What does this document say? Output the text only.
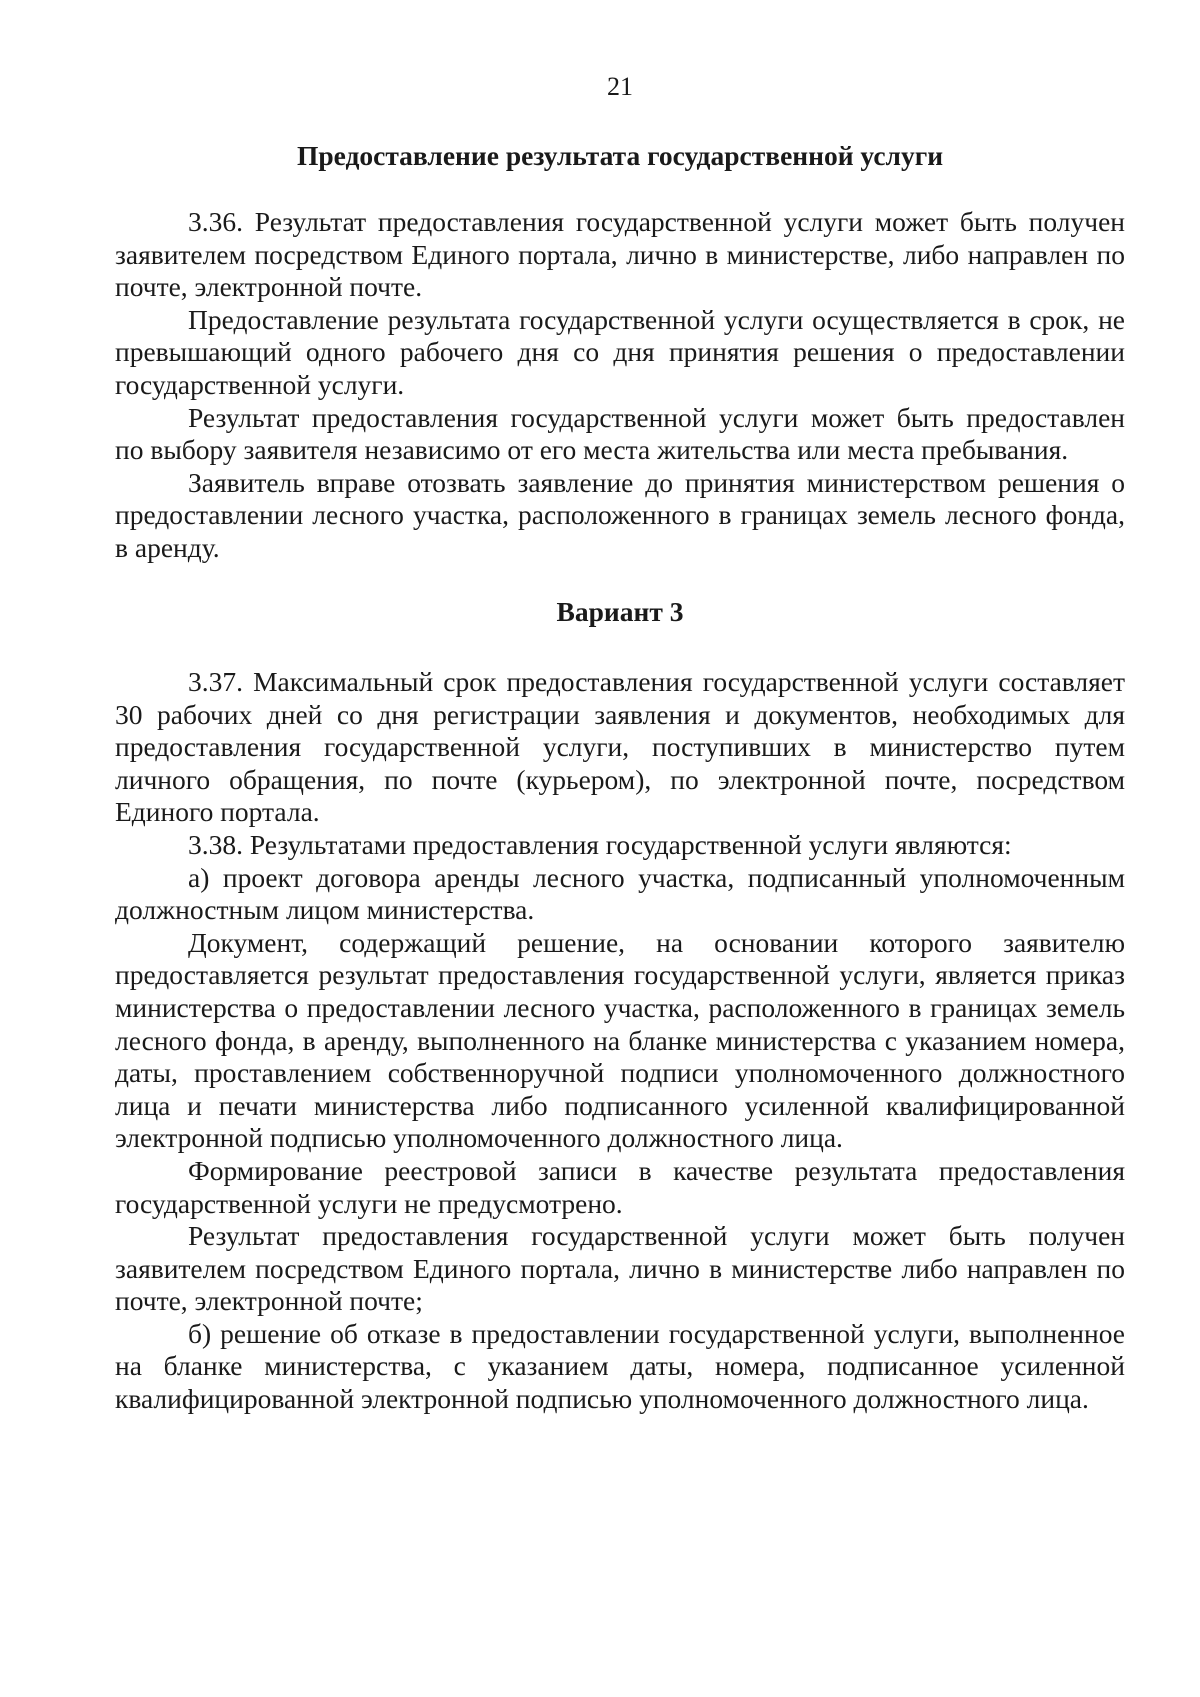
21
Предоставление результата государственной услуги

3.36. Результат предоставления государственной услуги может быть получен заявителем посредством Единого портала, лично в министерстве, либо направлен по почте, электронной почте.

Предоставление результата государственной услуги осуществляется в срок, не превышающий одного рабочего дня со дня принятия решения о предоставлении государственной услуги.

Результат предоставления государственной услуги может быть предоставлен по выбору заявителя независимо от его места жительства или места пребывания.

Заявитель вправе отозвать заявление до принятия министерством решения о предоставлении лесного участка, расположенного в границах земель лесного фонда, в аренду.

Вариант 3

3.37. Максимальный срок предоставления государственной услуги составляет 30 рабочих дней со дня регистрации заявления и документов, необходимых для предоставления государственной услуги, поступивших в министерство путем личного обращения, по почте (курьером), по электронной почте, посредством Единого портала.

3.38. Результатами предоставления государственной услуги являются:

а) проект договора аренды лесного участка, подписанный уполномоченным должностным лицом министерства.

Документ, содержащий решение, на основании которого заявителю предоставляется результат предоставления государственной услуги, является приказ министерства о предоставлении лесного участка, расположенного в границах земель лесного фонда, в аренду, выполненного на бланке министерства с указанием номера, даты, проставлением собственноручной подписи уполномоченного должностного лица и печати министерства либо подписанного усиленной квалифицированной электронной подписью уполномоченного должностного лица.

Формирование реестровой записи в качестве результата предоставления государственной услуги не предусмотрено.

Результат предоставления государственной услуги может быть получен заявителем посредством Единого портала, лично в министерстве либо направлен по почте, электронной почте;

б) решение об отказе в предоставлении государственной услуги, выполненное на бланке министерства, с указанием даты, номера, подписанное усиленной квалифицированной электронной подписью уполномоченного должностного лица.
